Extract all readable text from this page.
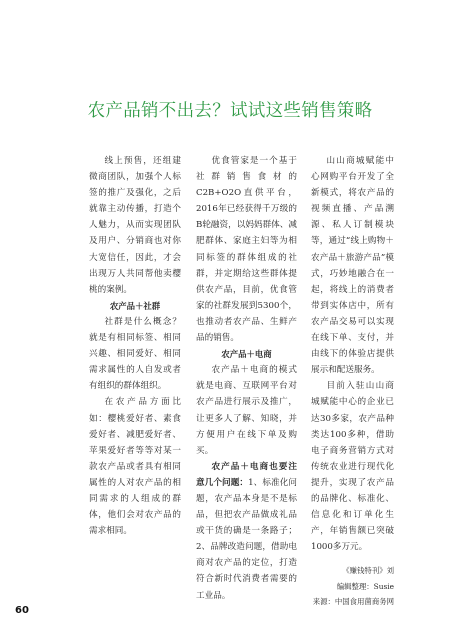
农产品销不出去？试试这些销售策略

线上预售，还组建微商团队，加强个人标签的推广及强化，之后就靠主动传播，打造个人魅力，从而实现团队及用户、分销商也对你大宽信任，因此，才会出现万人共同帮他卖樱桃的案例。

农产品＋社群

社群是什么概念？就是有相同标签、相同兴趣、相同爱好、相同需求属性的人自发或者有组织的群体组织。

在农产品方面比如：樱桃爱好者、素食爱好者、减肥爱好者、苹果爱好者等等对某一款农产品或者具有相同属性的人对农产品的相同需求的人组成的群体，他们会对农产品的需求相同。

优食管家是一个基于社群销售食材的C2B+O2O直供平台，2016年已经获得千万级的B轮融资，以妈妈群体、减肥群体、家庭主妇等为相同标签的群体组成的社群，并定期给这些群体提供农产品，目前，优食管家的社群发展到5300个，也推动者农产品、生鲜产品的销售。

农产品＋电商

农产品＋电商的模式就是电商、互联网平台对农产品进行展示及推广，让更多人了解、知晓，并方便用户在线下单及购买。

农产品＋电商也要注意几个问题：1、标准化问题，农产品本身是不是标品，但把农产品做成礼品或干货的确是一条路子；2、品牌改造问题，借助电商对农产品的定位，打造符合新时代消费者需要的工业品。

山山商城赋能中心网购平台开发了全新模式，将农产品的视频直播、产品溯源、私人订制模块等，通过“线上购物＋农产品＋旅游产品”模式，巧妙地融合在一起，将线上的消费者带到实体店中，所有农产品交易可以实现在线下单、支付，并由线下的体验店提供展示和配送服务。

目前入驻山山商城赋能中心的企业已达30多家，农产品种类达100多种，借助电子商务营销方式对传统农业进行现代化提升，实现了农产品的品牌化、标准化、信息化和订单化生产，年销售额已突破1000多万元。

《赚钱特刊》刘

编辑整理：Susie

来源：中国食用菌商务网

60
